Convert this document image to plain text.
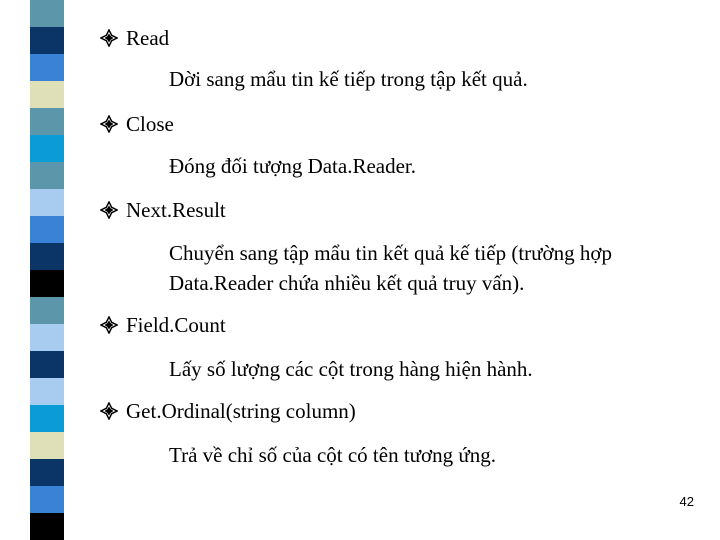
Read
Dời sang mẩu tin kế tiếp trong tập kết quả.
Close
Đóng đối tượng Data.Reader.
Next.Result
Chuyển sang tập mẩu tin kết quả kế tiếp (trường hợp Data.Reader chứa nhiều kết quả truy vấn).
Field.Count
Lấy số lượng các cột trong hàng hiện hành.
Get.Ordinal(string column)
Trả về chỉ số của cột có tên tương ứng.
42
